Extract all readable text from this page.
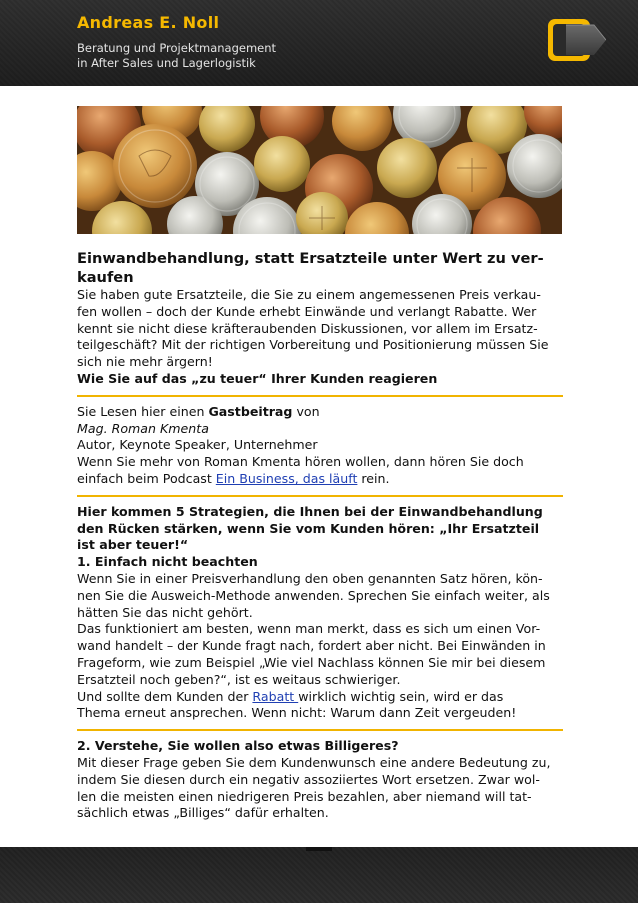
Andreas E. Noll
Beratung und Projektmanagement
in After Sales und Lagerlogistik
Einwandbehandlung, statt Ersatzteile unter Wert zu ver-
kaufen

Sie haben gute Ersatzteile, die Sie zu einem angemessenen Preis verkau-
fen wollen – doch der Kunde erhebt Einwände und verlangt Rabatte. Wer
kennt sie nicht diese kräfteraubenden Diskussionen, vor allem im Ersatz-
teilgeschäft? Mit der richtigen Vorbereitung und Positionierung müssen Sie
sich nie mehr ärgern!

Wie Sie auf das „zu teuer“ Ihrer Kunden reagieren

Sie Lesen hier einen Gastbeitrag von

Mag. Roman Kmenta

Autor, Keynote Speaker, Unternehmer

Wenn Sie mehr von Roman Kmenta hören wollen, dann hören Sie doch
einfach beim Podcast Ein Business, das läuft rein.

Hier kommen 5 Strategien, die Ihnen bei der Einwandbehandlung
den Rücken stärken, wenn Sie vom Kunden hören: „Ihr Ersatzteil
ist aber teuer!“

1. Einfach nicht beachten

Wenn Sie in einer Preisverhandlung den oben genannten Satz hören, kön-
nen Sie die Ausweich-Methode anwenden. Sprechen Sie einfach weiter, als
hätten Sie das nicht gehört.

Das funktioniert am besten, wenn man merkt, dass es sich um einen Vor-
wand handelt – der Kunde fragt nach, fordert aber nicht. Bei Einwänden in
Frageform, wie zum Beispiel „Wie viel Nachlass können Sie mir bei diesem
Ersatzteil noch geben?“, ist es weitaus schwieriger.

Und sollte dem Kunden der Rabatt wirklich wichtig sein, wird er das
Thema erneut ansprechen. Wenn nicht: Warum dann Zeit vergeuden!

2. Verstehe, Sie wollen also etwas Billigeres?

Mit dieser Frage geben Sie dem Kundenwunsch eine andere Bedeutung zu,
indem Sie diesen durch ein negativ assoziiertes Wort ersetzen. Zwar wol-
len die meisten einen niedrigeren Preis bezahlen, aber niemand will tat-
sächlich etwas „Billiges“ dafür erhalten.
